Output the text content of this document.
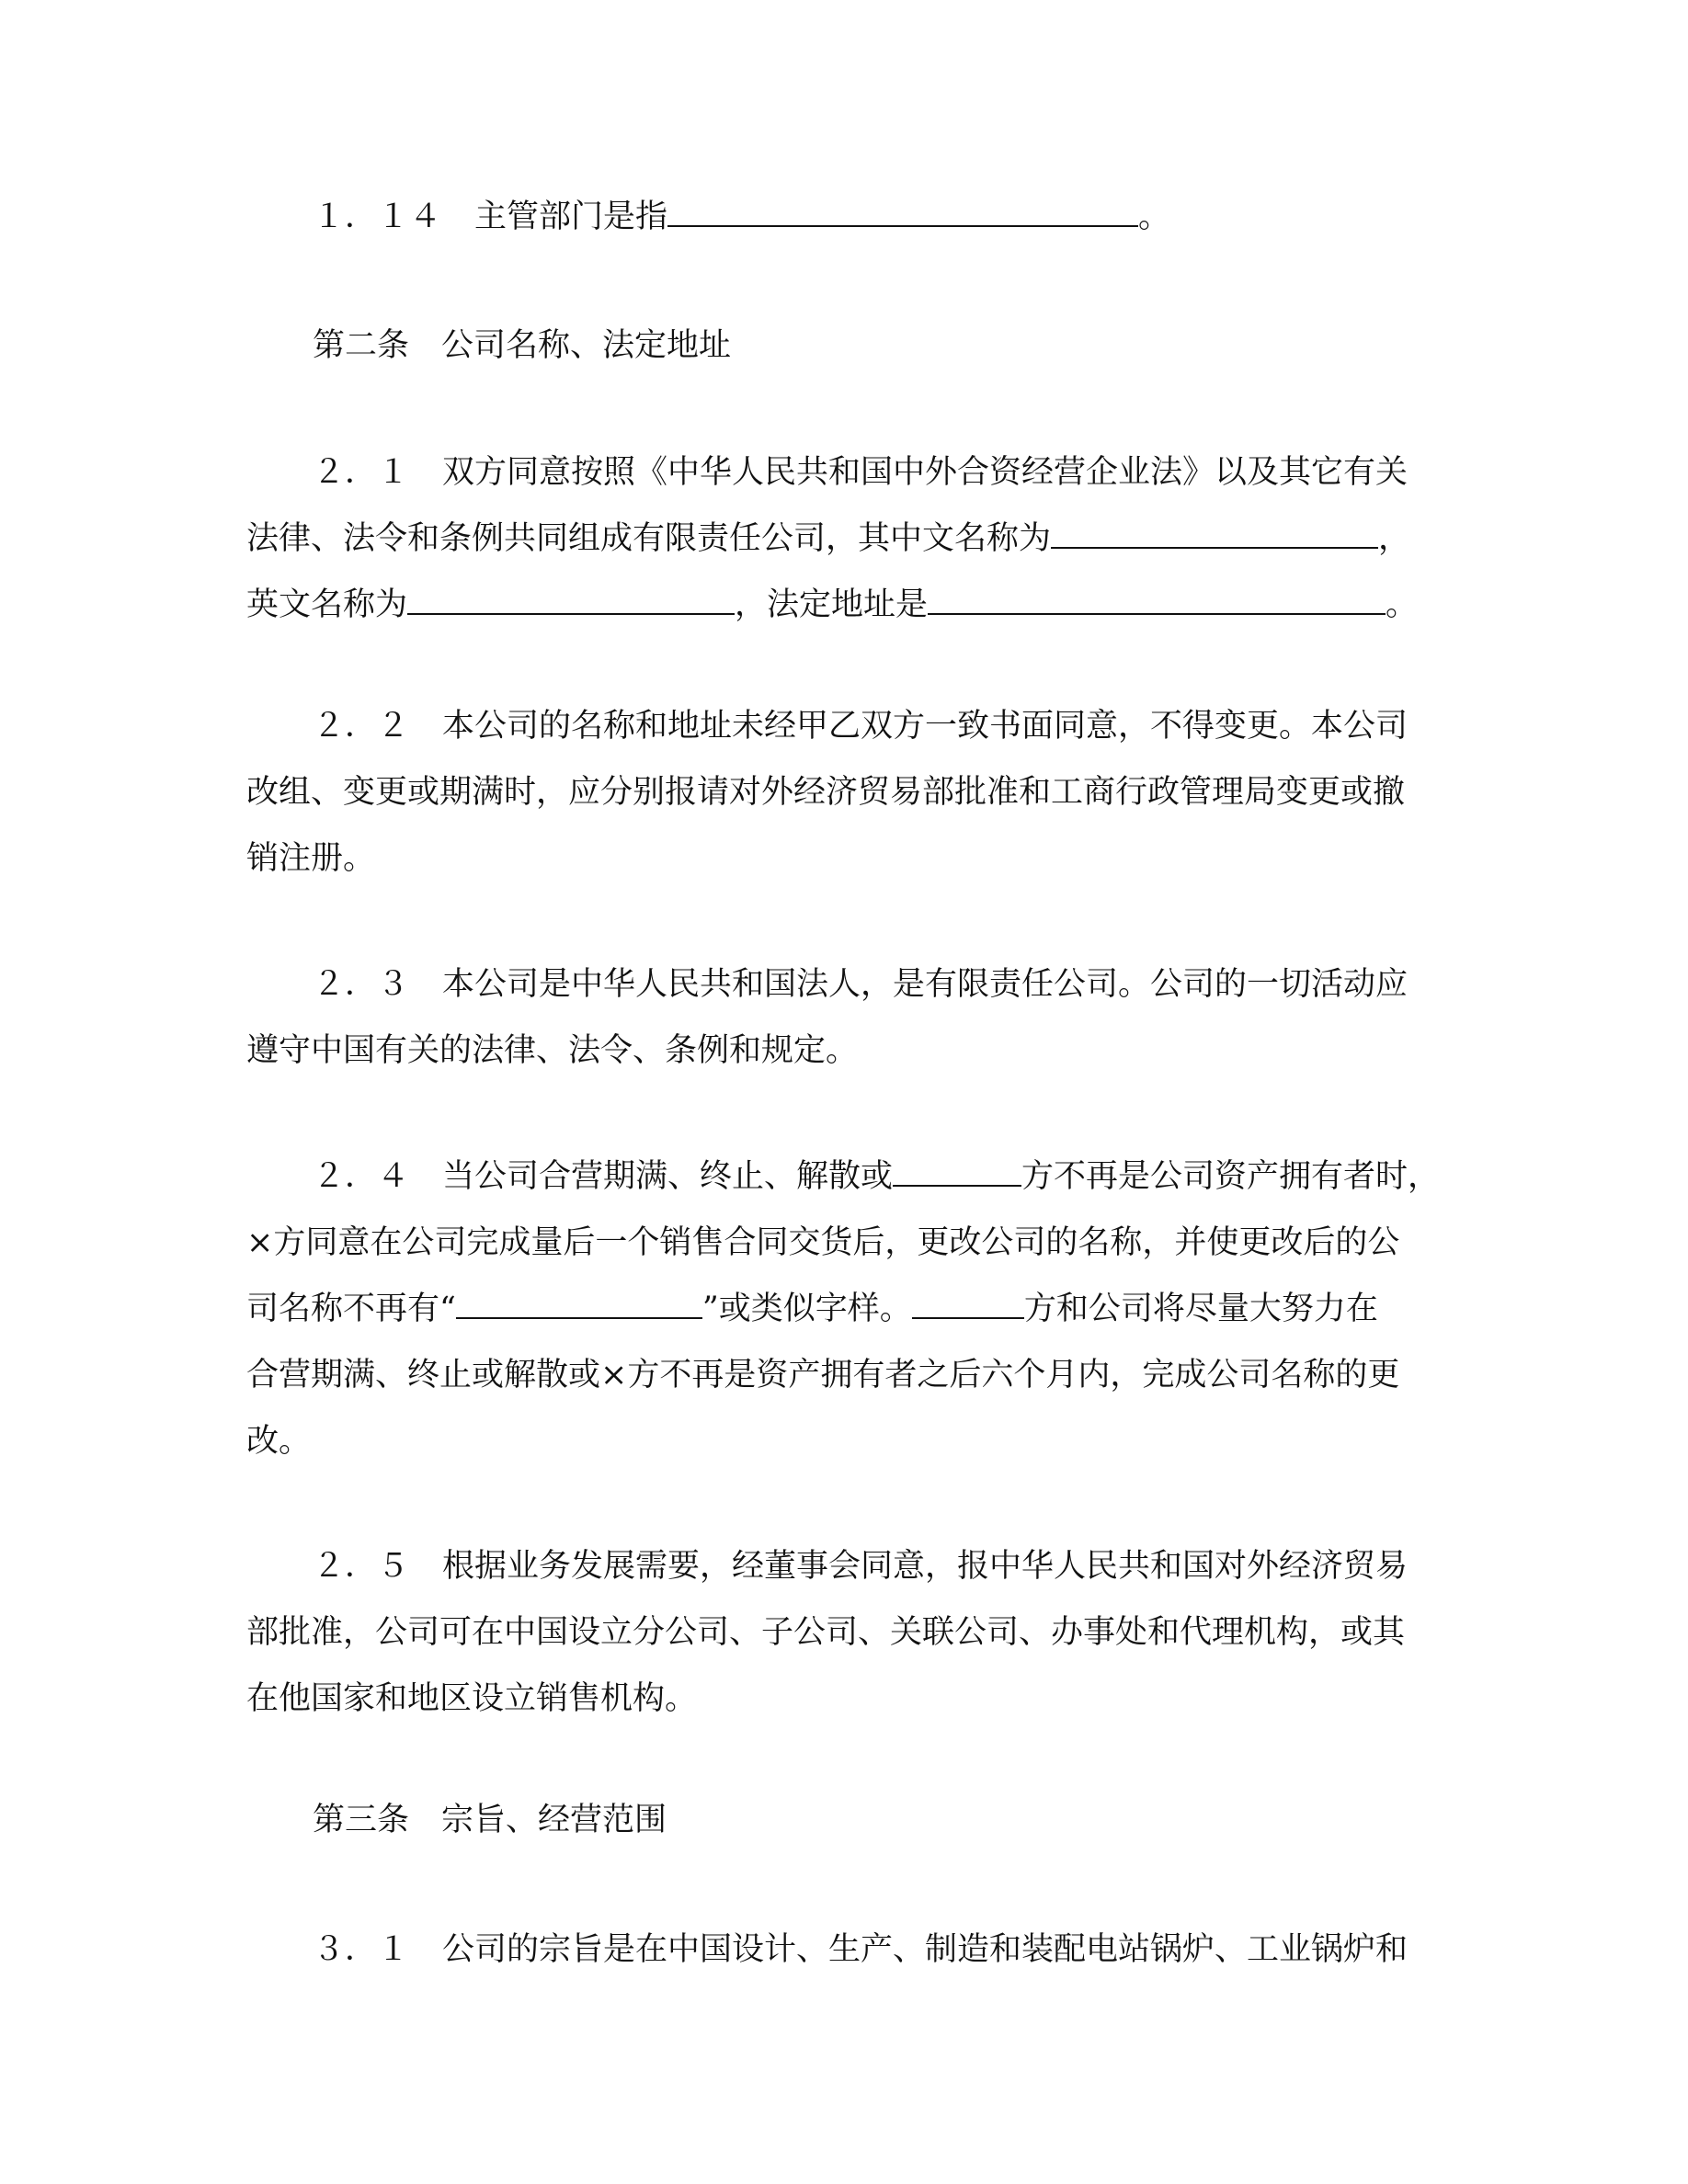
１．１４ 主管部门是指	。
第二条　公司名称、法定地址
２．１ 双方同意按照《中华人民共和国中外合资经营企业法》以及其它有关
法律、法令和条例共同组成有限责任公司，其中文名称为	，
英文名称为	，法定地址是	。
２．２ 本公司的名称和地址未经甲乙双方一致书面同意，不得变更。本公司
改组、变更或期满时，应分别报请对外经济贸易部批准和工商行政管理局变更或撤
销注册。
２．３ 本公司是中华人民共和国法人，是有限责任公司。公司的一切活动应
遵守中国有关的法律、法令、条例和规定。
２．４ 当公司合营期满、终止、解散或	方不再是公司资产拥有者时，
×方同意在公司完成量后一个销售合同交货后，更改公司的名称，并使更改后的公
司名称不再有“	”或类似字样。	方和公司将尽量大努力在
合营期满、终止或解散或×方不再是资产拥有者之后六个月内，完成公司名称的更
改。
２．５ 根据业务发展需要，经董事会同意，报中华人民共和国对外经济贸易
部批准，公司可在中国设立分公司、子公司、关联公司、办事处和代理机构，或其
在他国家和地区设立销售机构。
第三条　宗旨、经营范围
３．１ 公司的宗旨是在中国设计、生产、制造和装配电站锅炉、工业锅炉和
